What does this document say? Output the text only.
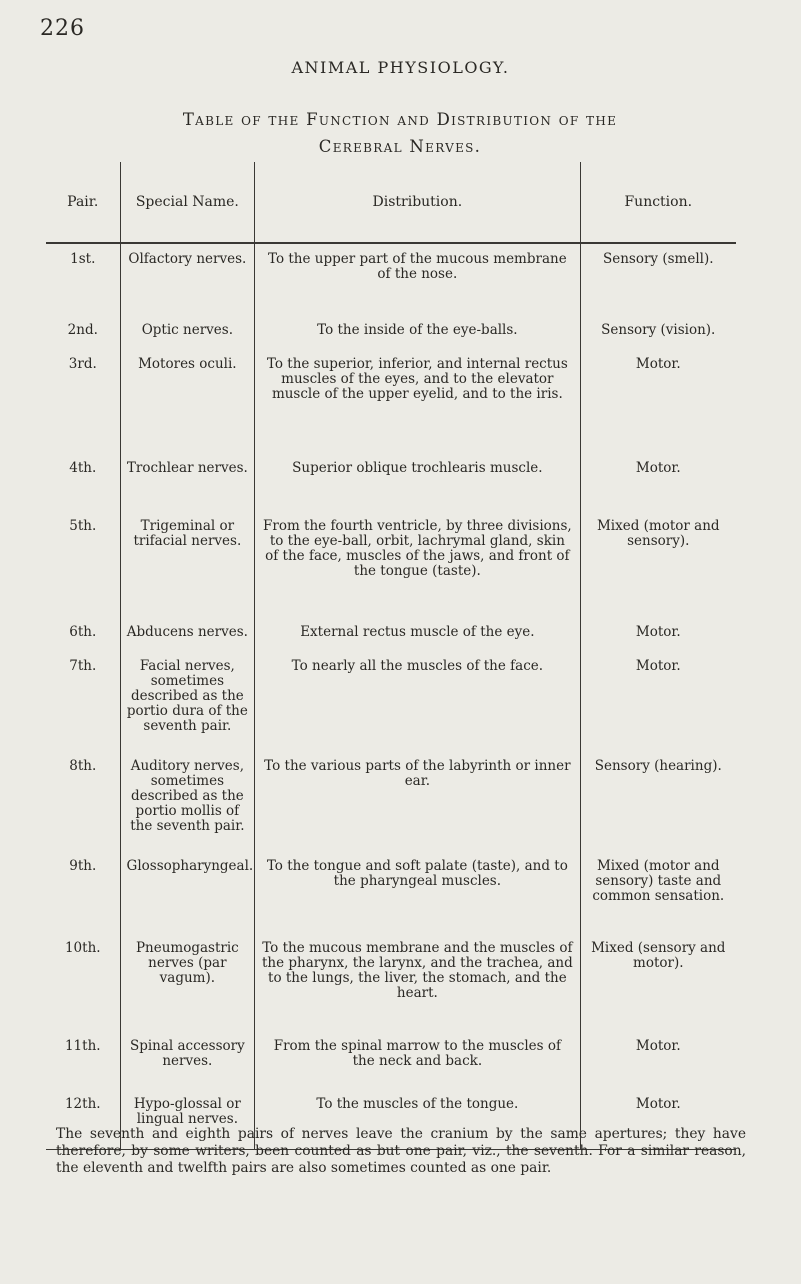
226
ANIMAL PHYSIOLOGY.
Table of the Function and Distribution of the
Cerebral Nerves.
Pair.	Special Name.	Distribution.	Function.
1st.	Olfactory nerves.	To the upper part of the mucous membrane of the nose.	Sensory (smell).
2nd.	Optic nerves.	To the inside of the eye-balls.	Sensory (vision).
3rd.	Motores oculi.	To the superior, inferior, and internal rectus muscles of the eyes, and to the elevator muscle of the upper eyelid, and to the iris.	Motor.
4th.	Trochlear nerves.	Superior oblique trochlearis muscle.	Motor.
5th.	Trigeminal or trifacial nerves.	From the fourth ventricle, by three divisions, to the eye-ball, orbit, lachrymal gland, skin of the face, muscles of the jaws, and front of the tongue (taste).	Mixed (motor and sensory).
6th.	Abducens nerves.	External rectus muscle of the eye.	Motor.
7th.	Facial nerves, sometimes described as the portio dura of the seventh pair.	To nearly all the muscles of the face.	Motor.
8th.	Auditory nerves, sometimes described as the portio mollis of the seventh pair.	To the various parts of the labyrinth or inner ear.	Sensory (hearing).
9th.	Glossopharyngeal.	To the tongue and soft palate (taste), and to the pharyngeal muscles.	Mixed (motor and sensory) taste and common sensation.
10th.	Pneumogastric nerves (par vagum).	To the mucous membrane and the muscles of the pharynx, the larynx, and the trachea, and to the lungs, the liver, the stomach, and the heart.	Mixed (sensory and motor).
11th.	Spinal accessory nerves.	From the spinal marrow to the muscles of the neck and back.	Motor.
12th.	Hypo-glossal or lingual nerves.	To the muscles of the tongue.	Motor.
The seventh and eighth pairs of nerves leave the cranium by the same apertures; they have therefore, by some writers, been counted as but one pair, viz., the seventh. For a similar reason, the eleventh and twelfth pairs are also sometimes counted as one pair.
